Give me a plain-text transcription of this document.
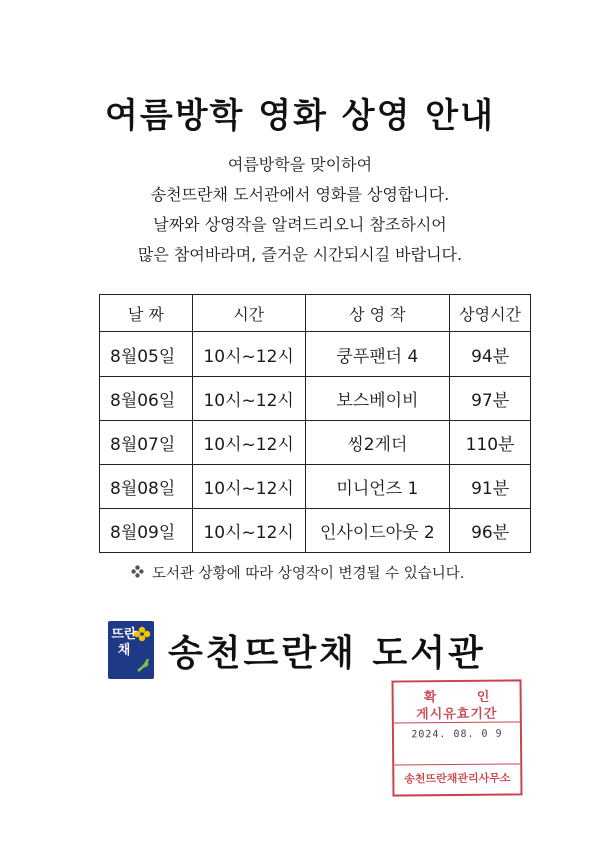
여름방학 영화 상영 안내
여름방학을 맞이하여
송천뜨란채 도서관에서 영화를 상영합니다.
날짜와 상영작을 알려드리오니 참조하시어
많은 참여바라며, 즐거운 시간되시길 바랍니다.
날 짜	시간	상 영 작	상영시간
8월05일	10시~12시	쿵푸팬더 4	94분
8월06일	10시~12시	보스베이비	97분
8월07일	10시~12시	씽2게더	110분
8월08일	10시~12시	미니언즈 1	91분
8월09일	10시~12시	인사이드아웃 2	96분
도서관 상황에 따라 상영작이 변경될 수 있습니다.
뜨란채 송천뜨란채 도서관
확 인
게시유효기간
2024. 08. 0 9
송천뜨란채관리사무소
